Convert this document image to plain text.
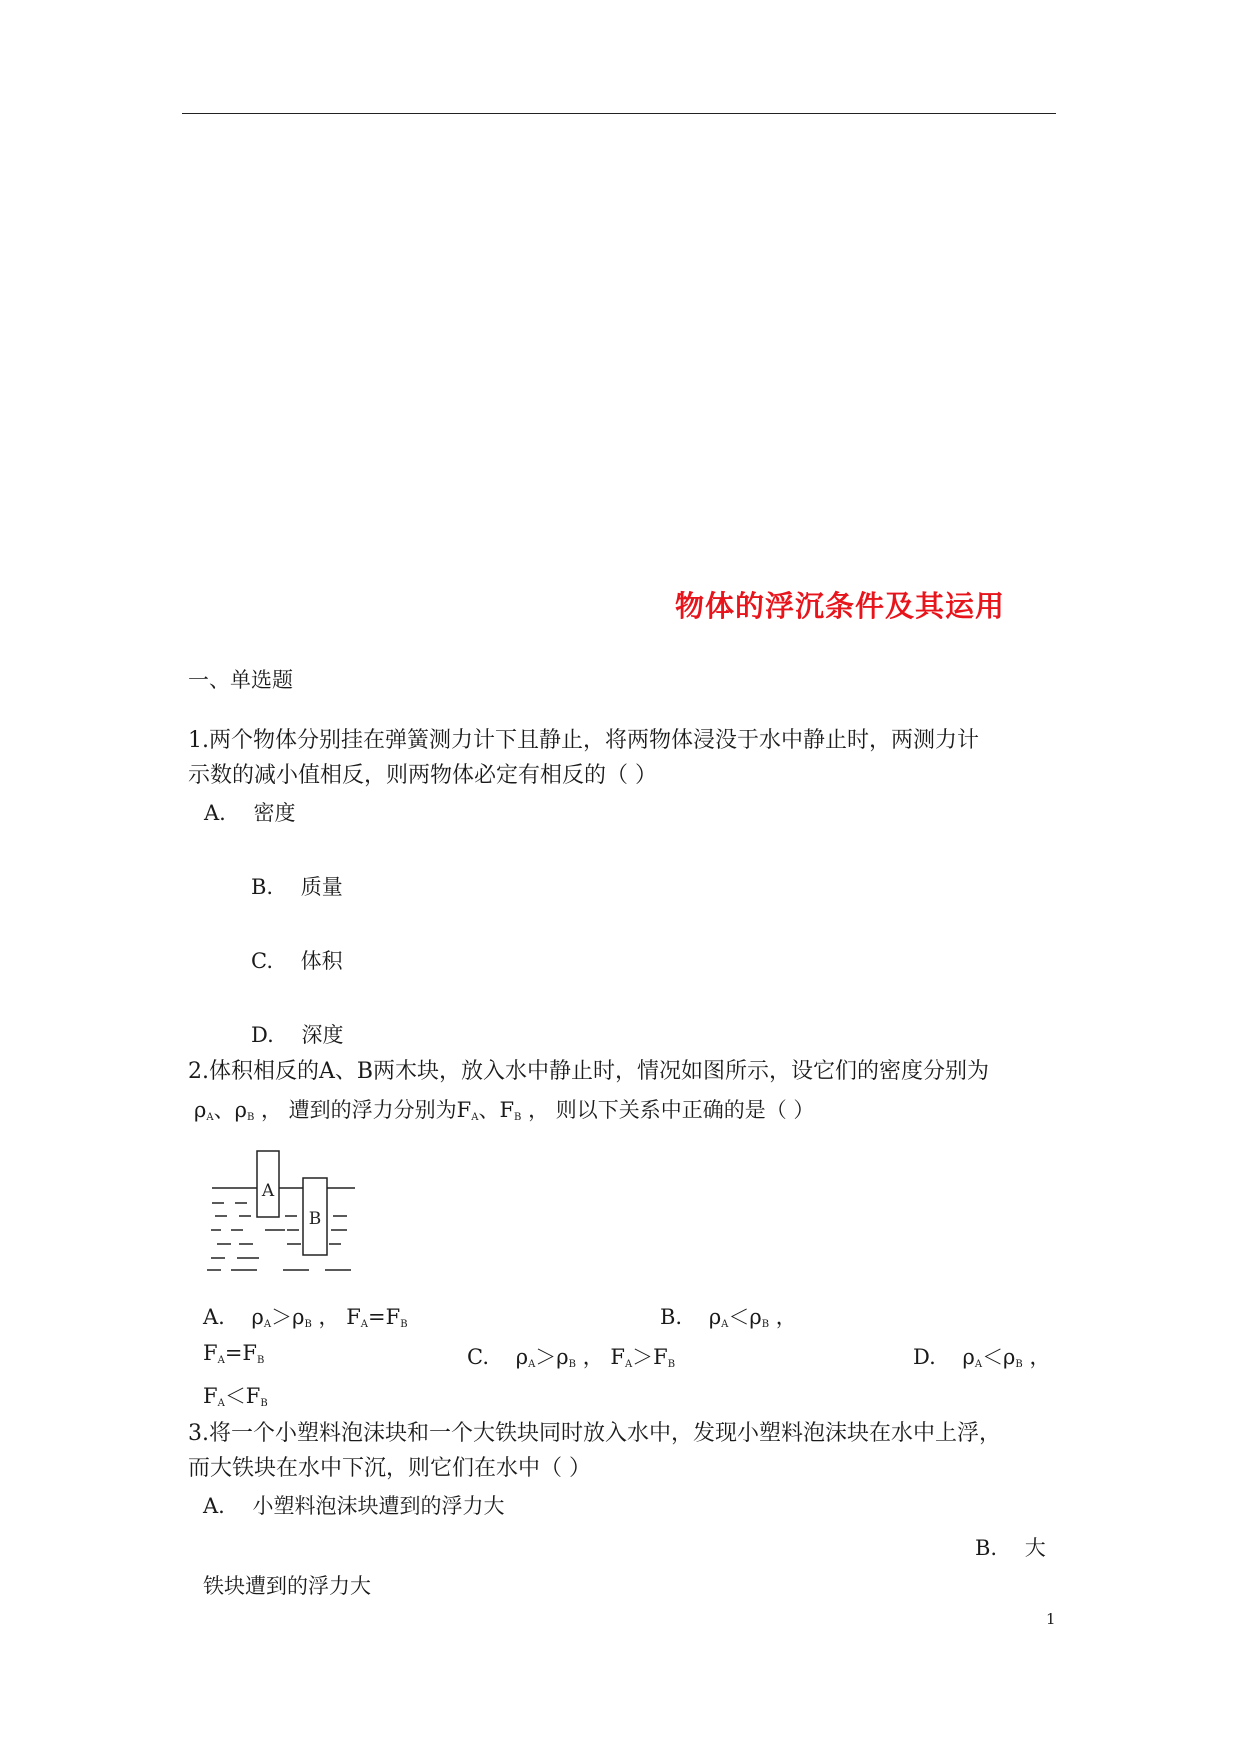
物体的浮沉条件及其运用
一、单选题
1.两个物体分别挂在弹簧测力计下且静止，将两物体浸没于水中静止时，两测力计
示数的减小值相反，则两物体必定有相反的（ ）
A.　 密度
B.　 质量
C.　 体积
D.　 深度
2.体积相反的A、B两木块，放入水中静止时，情况如图所示，设它们的密度分别为
$\rho_A$、$\rho_B$ ， 遭到的浮力分别为$F_A$、$F_B$ ， 则以下关系中正确的是（ ）
A
B
A. $\rho_A>\rho_B$ ， $F_A=F_B$	B. $\rho_A<\rho_B$ ，
$F_A=F_B$	C. $\rho_A>\rho_B$ ， $F_A>F_B$	D. $\rho_A<\rho_B$ ，
$F_A<F_B$
3.将一个小塑料泡沫块和一个大铁块同时放入水中，发现小塑料泡沫块在水中上浮，
而大铁块在水中下沉，则它们在水中（ ）
A.　 小塑料泡沫块遭到的浮力大
B.　 大
铁块遭到的浮力大
1
